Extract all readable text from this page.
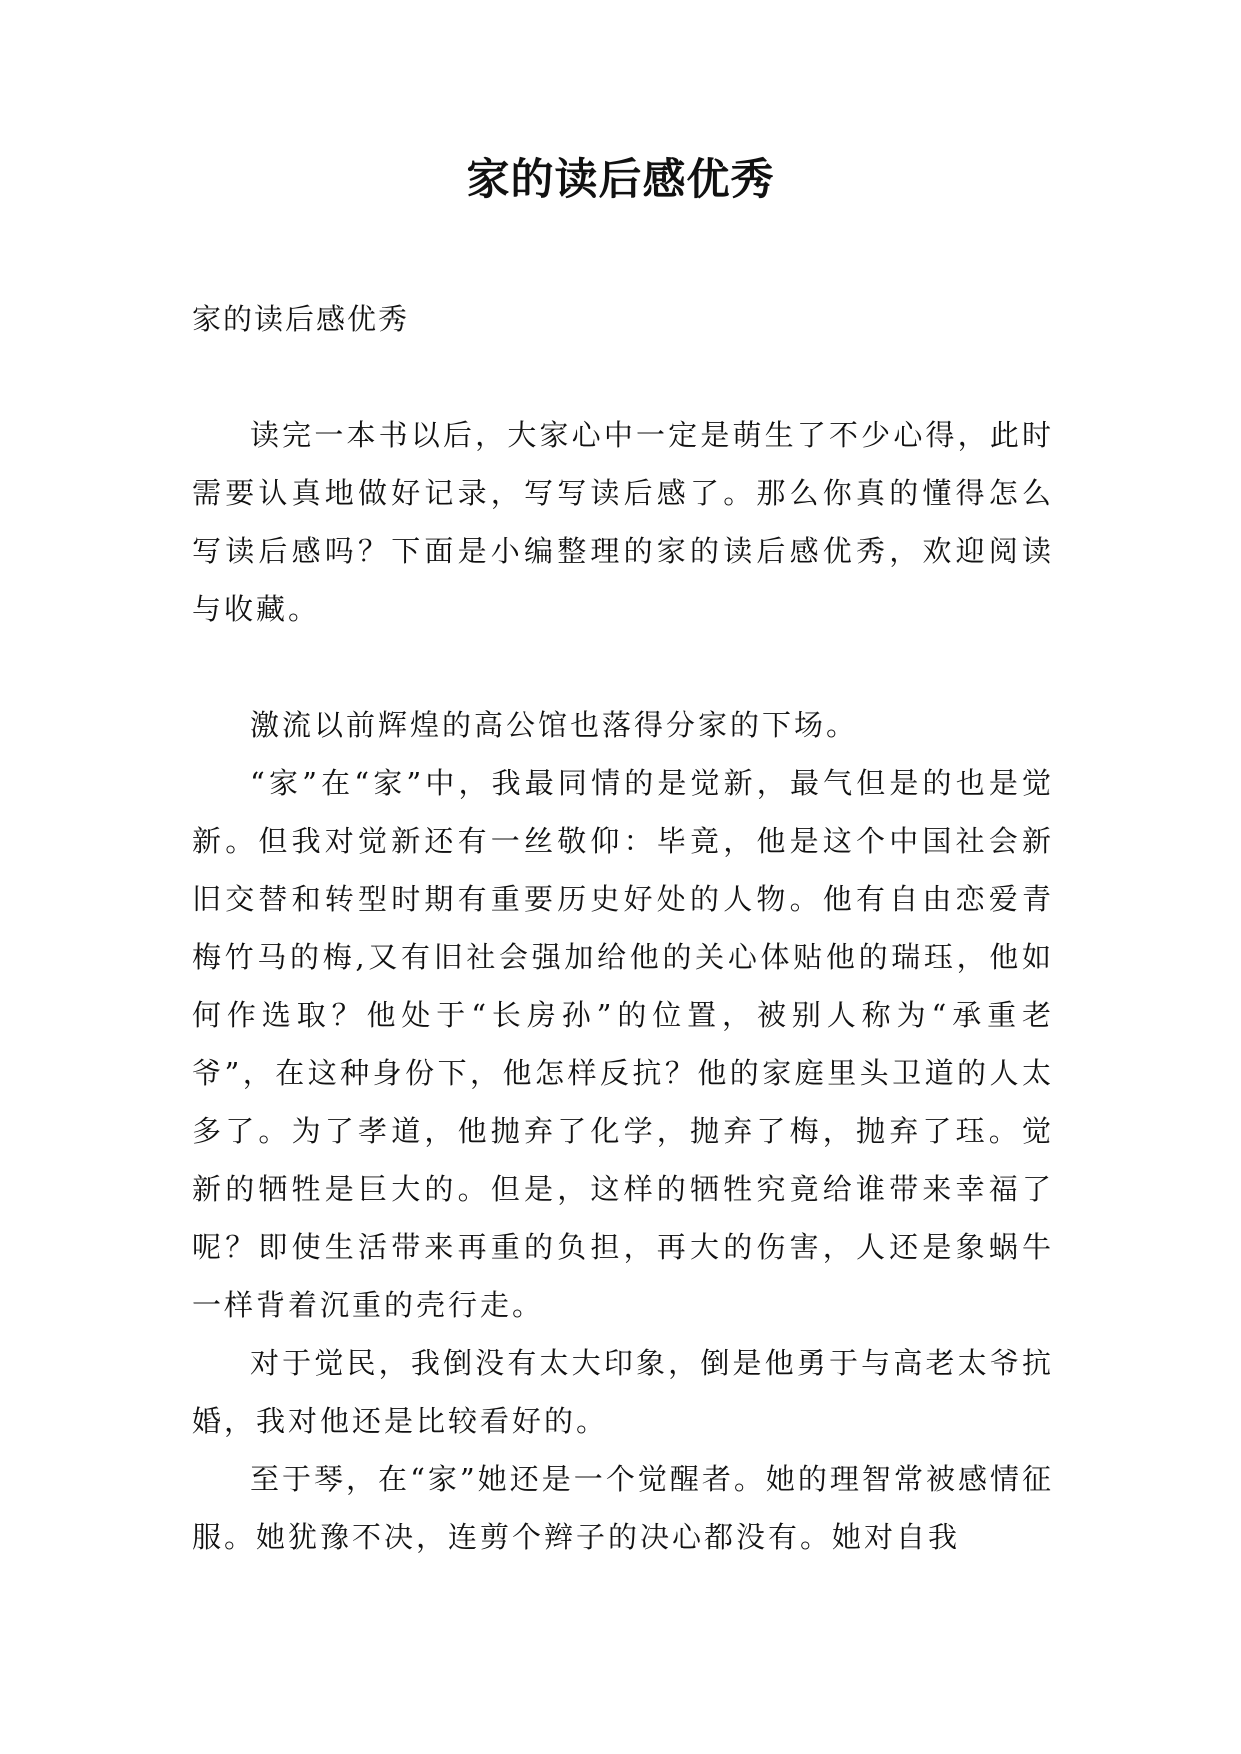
家的读后感优秀
家的读后感优秀

读完一本书以后，大家心中一定是萌生了不少心得，此时需要认真地做好记录，写写读后感了。那么你真的懂得怎么写读后感吗？下面是小编整理的家的读后感优秀，欢迎阅读与收藏。

激流以前辉煌的高公馆也落得分家的下场。

“家”在“家”中，我最同情的是觉新，最气但是的也是觉新。但我对觉新还有一丝敬仰：毕竟，他是这个中国社会新旧交替和转型时期有重要历史好处的人物。他有自由恋爱青梅竹马的梅,又有旧社会强加给他的关心体贴他的瑞珏，他如何作选取？他处于“长房孙”的位置，被别人称为“承重老爷”，在这种身份下，他怎样反抗？他的家庭里头卫道的人太多了。为了孝道，他抛弃了化学，抛弃了梅，抛弃了珏。觉新的牺牲是巨大的。但是，这样的牺牲究竟给谁带来幸福了呢？即使生活带来再重的负担，再大的伤害，人还是象蜗牛一样背着沉重的壳行走。

对于觉民，我倒没有太大印象，倒是他勇于与高老太爷抗婚，我对他还是比较看好的。

至于琴，在“家”她还是一个觉醒者。她的理智常被感情征服。她犹豫不决，连剪个辫子的决心都没有。她对自我
